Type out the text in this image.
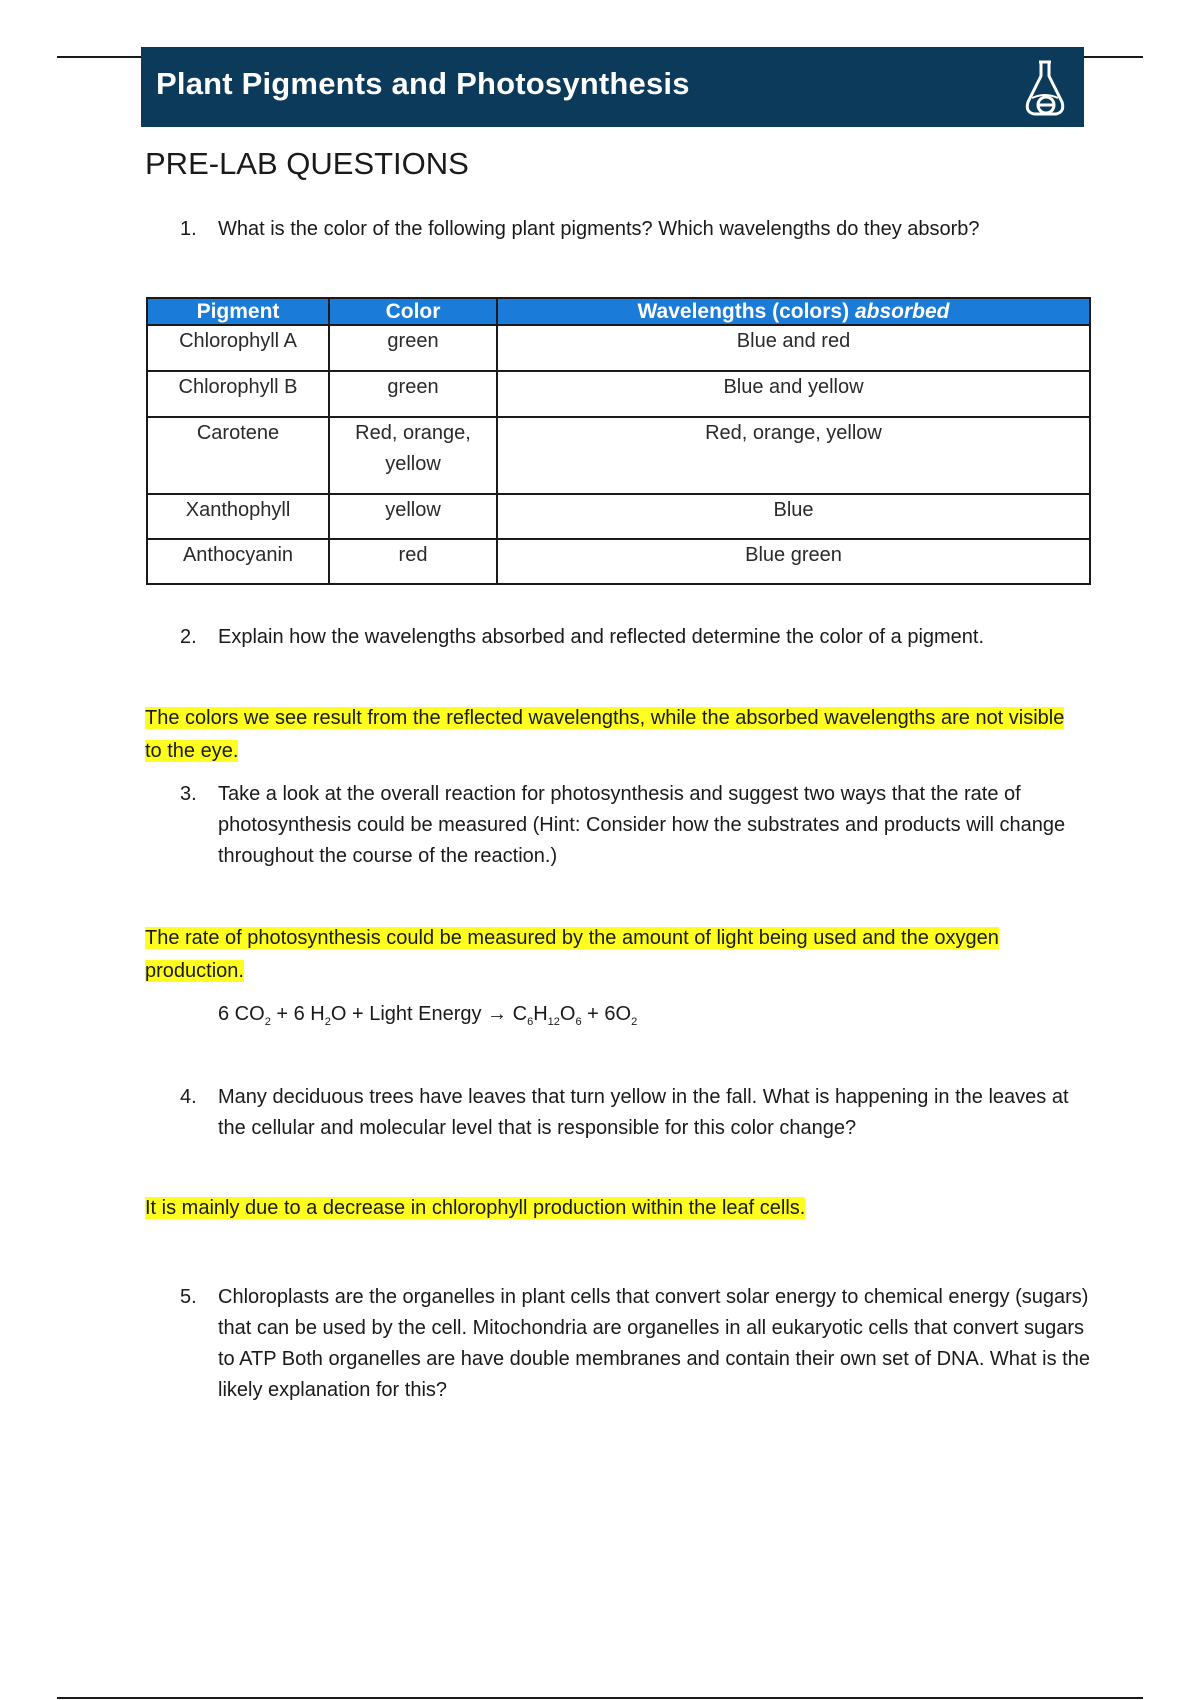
Plant Pigments and Photosynthesis
PRE-LAB QUESTIONS
1.	What is the color of the following plant pigments? Which wavelengths do they absorb?
Pigment	Color	Wavelengths (colors) absorbed
Chlorophyll A	green	Blue and red
Chlorophyll B	green	Blue and yellow
Carotene	Red, orange, yellow	Red, orange, yellow
Xanthophyll	yellow	Blue
Anthocyanin	red	Blue green
2.	Explain how the wavelengths absorbed and reflected determine the color of a pigment.
The colors we see result from the reflected wavelengths, while the absorbed wavelengths are not visible to the eye.
3.	Take a look at the overall reaction for photosynthesis and suggest two ways that the rate of photosynthesis could be measured (Hint: Consider how the substrates and products will change throughout the course of the reaction.)
The rate of photosynthesis could be measured by the amount of light being used and the oxygen production.
6 $CO_2 + 6$ $H_2O$ + Light Energy → $C_6H_{12}O_6 + 6O_2$
4.	Many deciduous trees have leaves that turn yellow in the fall. What is happening in the leaves at the cellular and molecular level that is responsible for this color change?
It is mainly due to a decrease in chlorophyll production within the leaf cells.
5.	Chloroplasts are the organelles in plant cells that convert solar energy to chemical energy (sugars) that can be used by the cell. Mitochondria are organelles in all eukaryotic cells that convert sugars to ATP Both organelles are have double membranes and contain their own set of DNA. What is the likely explanation for this?
